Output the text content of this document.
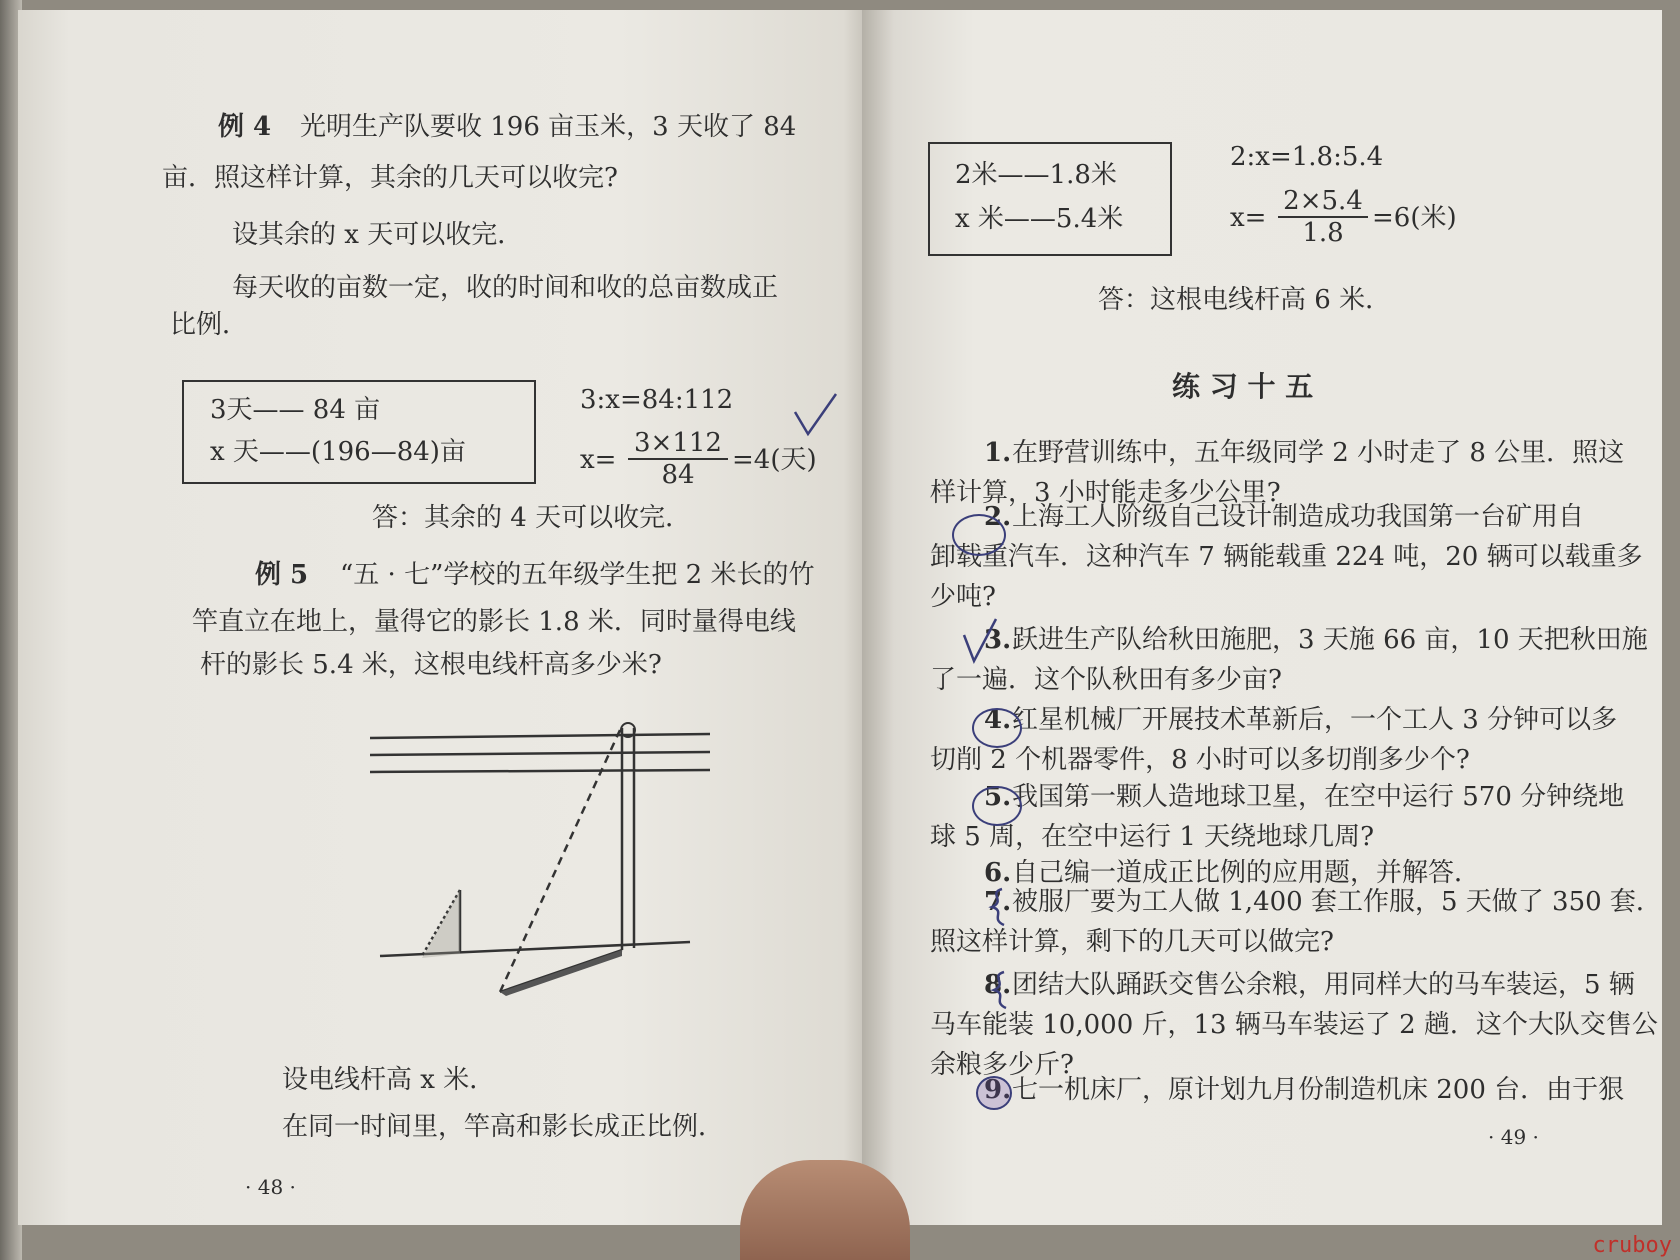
例 4 光明生产队要收 196 亩玉米，3 天收了 84
亩．照这样计算，其余的几天可以收完?
设其余的 x 天可以收完．
每天收的亩数一定，收的时间和收的总亩数成正
比例．
3天—— 84 亩
x 天——(196—84)亩
3:x=84:112
$x= \frac{3\times 112}{84} =4$(天)
答：其余的 4 天可以收完．
例 5 “五 · 七”学校的五年级学生把 2 米长的竹
竿直立在地上，量得它的影长 1.8 米．同时量得电线
杆的影长 5.4 米，这根电线杆高多少米?
设电线杆高 x 米．
在同一时间里，竿高和影长成正比例．
· 48 ·
2米——1.8米
x 米——5.4米
2:x=1.8:5.4
$x= \frac{2\times 5.4}{1.8} =6$(米)
答：这根电线杆高 6 米．
练 习 十 五
1. 在野营训练中，五年级同学 2 小时走了 8 公里．照这
样计算，3 小时能走多少公里?
2. 上海工人阶级自己设计制造成功我国第一台矿用自
卸载重汽车．这种汽车 7 辆能载重 224 吨，20 辆可以载重多
少吨?
3. 跃进生产队给秋田施肥，3 天施 66 亩，10 天把秋田施
了一遍．这个队秋田有多少亩?
4. 红星机械厂开展技术革新后，一个工人 3 分钟可以多
切削 2 个机器零件，8 小时可以多切削多少个?
5. 我国第一颗人造地球卫星，在空中运行 570 分钟绕地
球 5 周，在空中运行 1 天绕地球几周?
6. 自己编一道成正比例的应用题，并解答．
7. 被服厂要为工人做 1,400 套工作服，5 天做了 350 套．
照这样计算，剩下的几天可以做完?
8. 团结大队踊跃交售公余粮，用同样大的马车装运，5 辆
马车能装 10,000 斤，13 辆马车装运了 2 趟．这个大队交售公
余粮多少斤?
9. 七一机床厂，原计划九月份制造机床 200 台．由于狠
· 49 ·
cruboy
